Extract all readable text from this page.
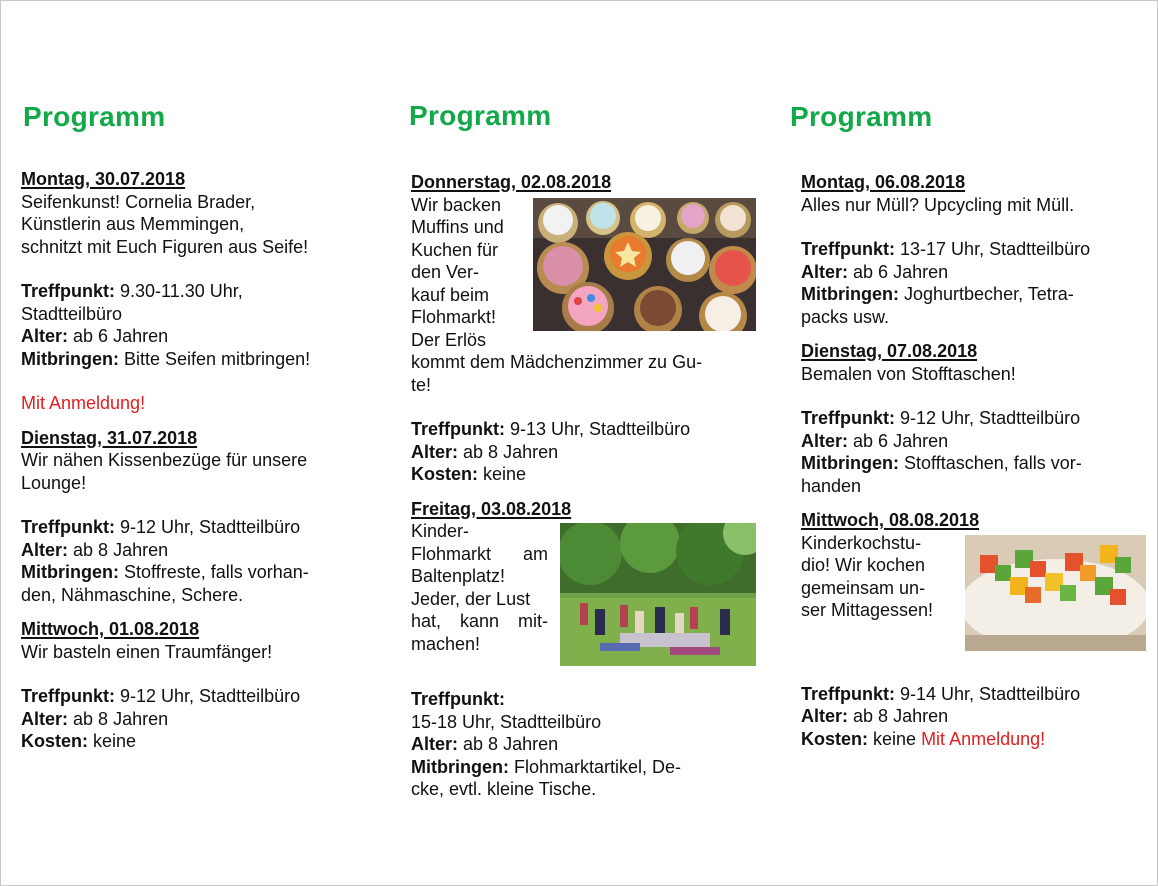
Programm
Montag, 30.07.2018
Seifenkunst! Cornelia Brader,
Künstlerin aus Memmingen,
schnitzt mit Euch Figuren aus Seife!
Treffpunkt: 9.30-11.30 Uhr,
Stadtteilbüro
Alter: ab 6 Jahren
Mitbringen: Bitte Seifen mitbringen!
Mit Anmeldung!
Dienstag, 31.07.2018
Wir nähen Kissenbezüge für unsere
Lounge!
Treffpunkt: 9-12 Uhr, Stadtteilbüro
Alter: ab 8 Jahren
Mitbringen: Stoffreste, falls vorhan-
den, Nähmaschine, Schere.
Mittwoch, 01.08.2018
Wir basteln einen Traumfänger!
Treffpunkt: 9-12 Uhr, Stadtteilbüro
Alter: ab 8 Jahren
Kosten: keine
Programm
Donnerstag, 02.08.2018
Wir backen
Muffins und
Kuchen für
den Ver-
kauf beim
Flohmarkt!
Der Erlös
kommt dem Mädchenzimmer zu Gu-
te!
Treffpunkt: 9-13 Uhr, Stadtteilbüro
Alter: ab 8 Jahren
Kosten: keine
Freitag, 03.08.2018
Kinder-
Flohmarkt am
Baltenplatz!
Jeder, der Lust
hat, kann mit-
machen!
Treffpunkt:
15-18 Uhr, Stadtteilbüro
Alter: ab 8 Jahren
Mitbringen: Flohmarktartikel, De-
cke, evtl. kleine Tische.
Programm
Montag, 06.08.2018
Alles nur Müll? Upcycling mit Müll.
Treffpunkt: 13-17 Uhr, Stadtteilbüro
Alter: ab 6 Jahren
Mitbringen: Joghurtbecher, Tetra-
packs usw.
Dienstag, 07.08.2018
Bemalen von Stofftaschen!
Treffpunkt: 9-12 Uhr, Stadtteilbüro
Alter: ab 6 Jahren
Mitbringen: Stofftaschen, falls vor-
handen
Mittwoch, 08.08.2018
Kinderkochstu-
dio! Wir kochen
gemeinsam un-
ser Mittagessen!
Treffpunkt: 9-14 Uhr, Stadtteilbüro
Alter: ab 8 Jahren
Kosten: keine Mit Anmeldung!
